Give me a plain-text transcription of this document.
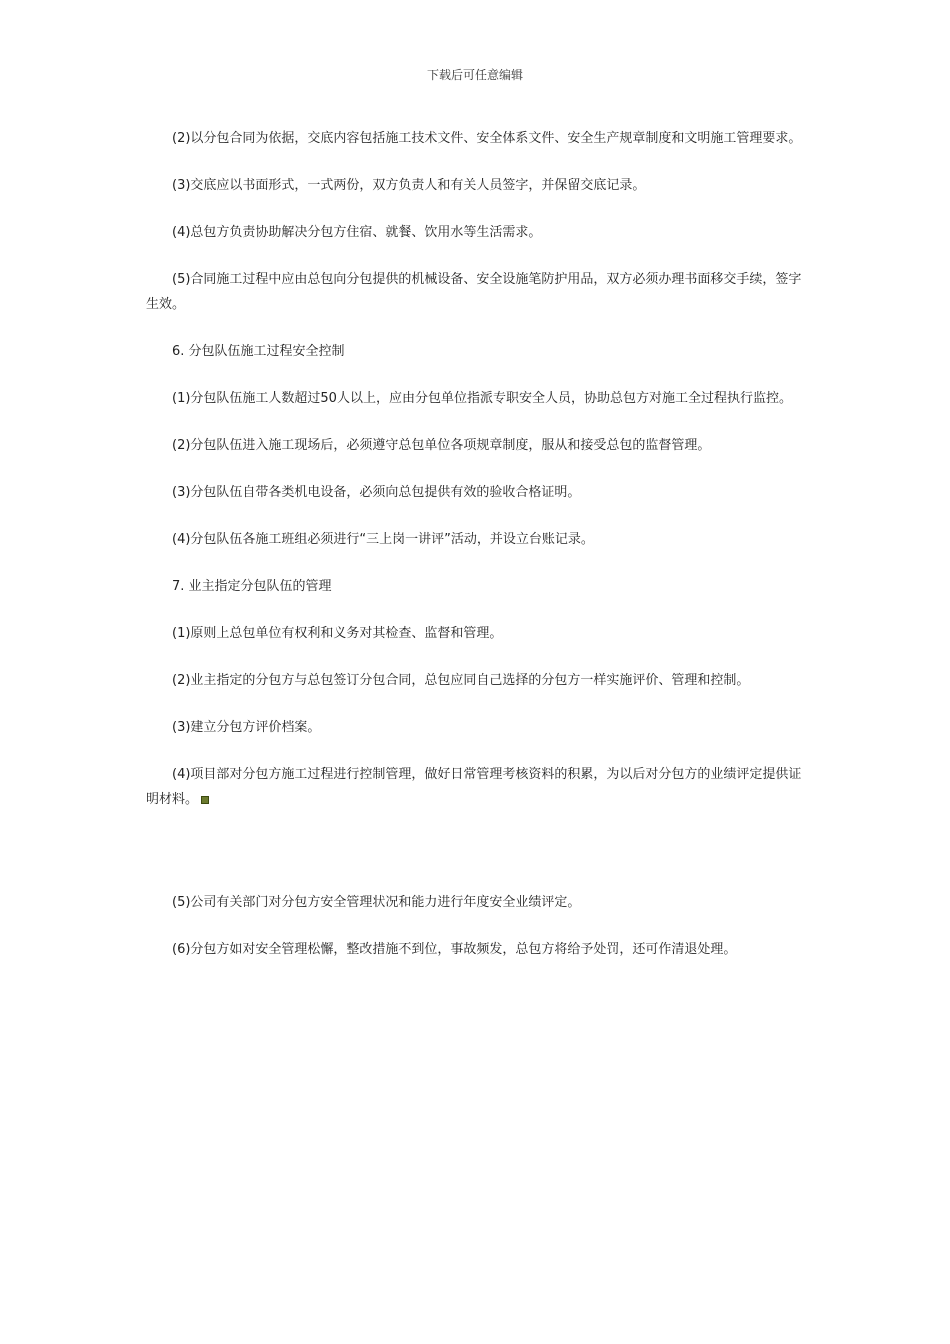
下载后可任意编辑

(2)以分包合同为依据，交底内容包括施工技术文件、安全体系文件、安全生产规章制度和文明施工管理要求。

(3)交底应以书面形式，一式两份，双方负责人和有关人员签字，并保留交底记录。

(4)总包方负责协助解决分包方住宿、就餐、饮用水等生活需求。

(5)合同施工过程中应由总包向分包提供的机械设备、安全设施笔防护用品，双方必须办理书面移交手续，签字生效。

6. 分包队伍施工过程安全控制

(1)分包队伍施工人数超过50人以上，应由分包单位指派专职安全人员，协助总包方对施工全过程执行监控。

(2)分包队伍进入施工现场后，必须遵守总包单位各项规章制度，服从和接受总包的监督管理。

(3)分包队伍自带各类机电设备，必须向总包提供有效的验收合格证明。

(4)分包队伍各施工班组必须进行“三上岗一讲评”活动，并设立台账记录。

7. 业主指定分包队伍的管理

(1)原则上总包单位有权利和义务对其检查、监督和管理。

(2)业主指定的分包方与总包签订分包合同，总包应同自己选择的分包方一样实施评价、管理和控制。

(3)建立分包方评价档案。

(4)项目部对分包方施工过程进行控制管理，做好日常管理考核资料的积累，为以后对分包方的业绩评定提供证明材料。

(5)公司有关部门对分包方安全管理状况和能力进行年度安全业绩评定。

(6)分包方如对安全管理松懈，整改措施不到位，事故频发，总包方将给予处罚，还可作清退处理。
